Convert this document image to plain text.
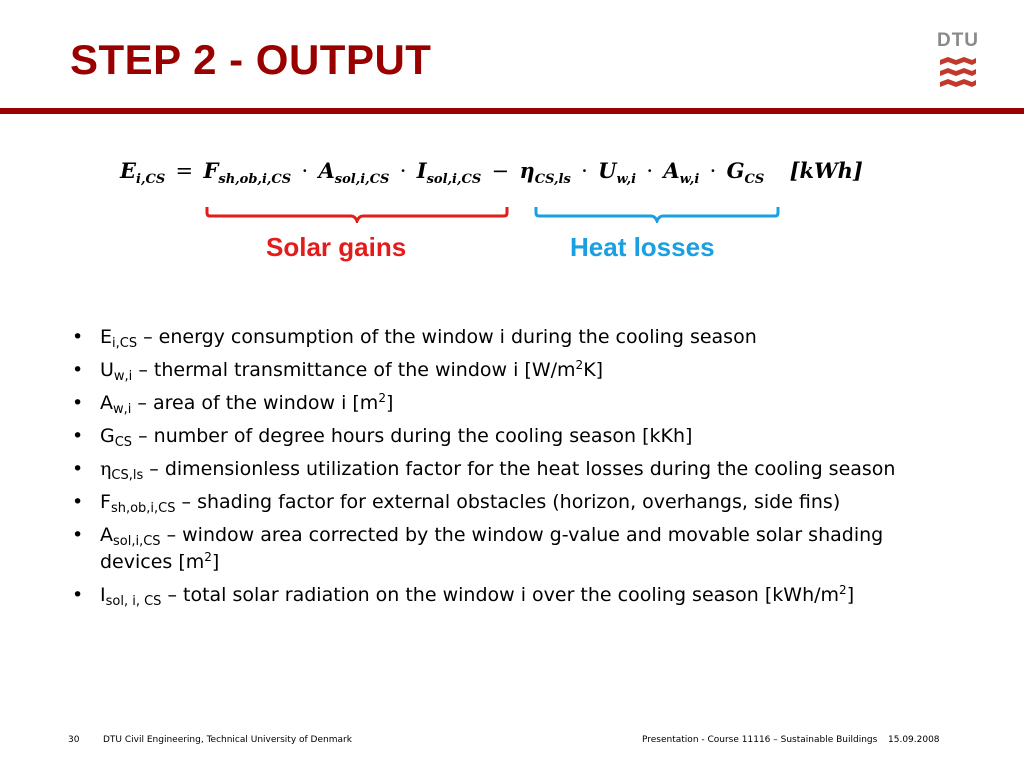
STEP 2 - OUTPUT	DTU
$E_{i,CS} = F_{sh,ob,i,CS} \cdot A_{sol,i,CS} \cdot I_{sol,i,CS} - \eta_{CS,ls} \cdot U_{w,i} \cdot A_{w,i} \cdot G_{CS}$ [kWh]
Solar gains	Heat losses
• $E_{i,CS}$ – energy consumption of the window i during the cooling season
• $U_{w,i}$ – thermal transmittance of the window i $[W/m^2K]$
• $A_{w,i}$ – area of the window i $[m^2]$
• $G_{CS}$ – number of degree hours during the cooling season [kKh]
• $\eta_{CS,ls}$ – dimensionless utilization factor for the heat losses during the cooling season
• $F_{sh,ob,i,CS}$ – shading factor for external obstacles (horizon, overhangs, side fins)
• $A_{sol,i,CS}$ – window area corrected by the window g-value and movable solar shading devices $[m^2]$
• $I_{sol, i, CS}$ – total solar radiation on the window i over the cooling season $[kWh/m^2]$
30	DTU Civil Engineering, Technical University of Denmark	Presentation - Course 11116 – Sustainable Buildings 15.09.2008
